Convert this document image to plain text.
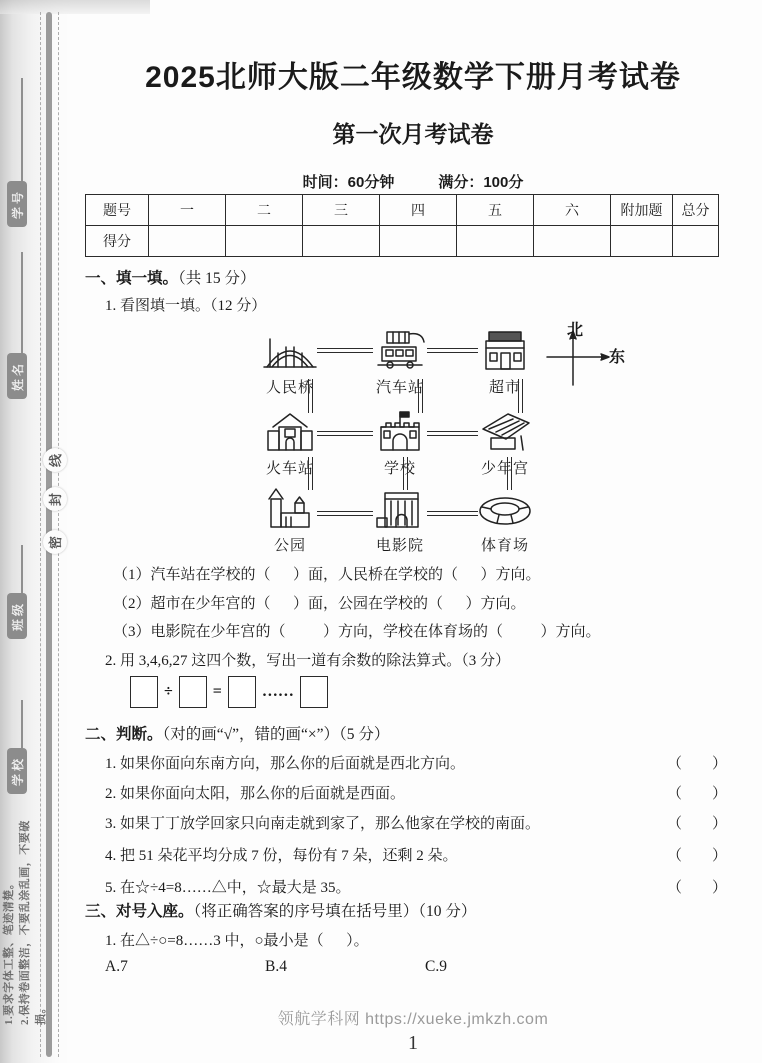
学号
姓名
线
封
密
班级
学校
1.要求字体工整、笔迹清楚。 2.保持卷面整洁，不要乱涂乱画，不要破损。
2025北师大版二年级数学下册月考试卷
第一次月考试卷
时间：60分钟	满分：100分
题号	一	二	三	四	五	六	附加题	总分
得分								
一、填一填。（共 15 分）
1. 看图填一填。（12 分）
北
东
人民桥	汽车站	超市
火车站	学校	少年宫
公园	电影院	体育场
（1）汽车站在学校的（      ）面，人民桥在学校的（      ）方向。
（2）超市在少年宫的（      ）面，公园在学校的（      ）方向。
（3）电影院在少年宫的（          ）方向，学校在体育场的（          ）方向。
2. 用 3,4,6,27 这四个数，写出一道有余数的除法算式。（3 分）
÷	=	……
二、判断。（对的画“√”，错的画“×”）（5 分）
1. 如果你面向东南方向，那么你的后面就是西北方向。	（        ）
2. 如果你面向太阳，那么你的后面就是西面。	（        ）
3. 如果丁丁放学回家只向南走就到家了，那么他家在学校的南面。	（        ）
4. 把 51 朵花平均分成 7 份，每份有 7 朵，还剩 2 朵。	（        ）
5. 在☆÷4=8……△中，☆最大是 35。	（        ）
三、对号入座。（将正确答案的序号填在括号里）（10 分）
1. 在△÷○=8……3 中，○最小是（      ）。
A.7	B.4	C.9
领航学科网 https://xueke.jmkzh.com
1
